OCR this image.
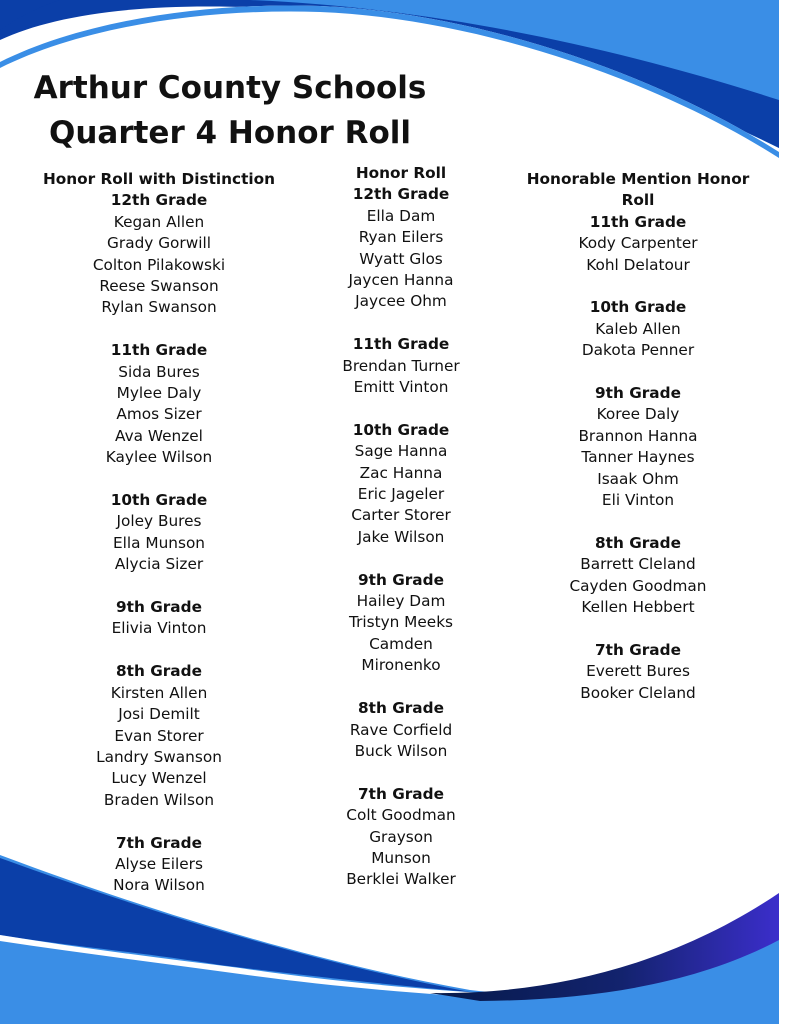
Arthur County Schools
Quarter 4 Honor Roll
Honor Roll with Distinction
12th Grade
Kegan Allen
Grady Gorwill
Colton Pilakowski
Reese Swanson
Rylan Swanson
11th Grade
Sida Bures
Mylee Daly
Amos Sizer
Ava Wenzel
Kaylee Wilson
10th Grade
Joley Bures
Ella Munson
Alycia Sizer
9th Grade
Elivia Vinton
8th Grade
Kirsten Allen
Josi Demilt
Evan Storer
Landry Swanson
Lucy Wenzel
Braden Wilson
7th Grade
Alyse Eilers
Nora Wilson
Honor Roll
12th Grade
Ella Dam
Ryan Eilers
Wyatt Glos
Jaycen Hanna
Jaycee Ohm
11th Grade
Brendan Turner
Emitt Vinton
10th Grade
Sage Hanna
Zac Hanna
Eric Jageler
Carter Storer
Jake Wilson
9th Grade
Hailey Dam
Tristyn Meeks
Camden
Mironenko
8th Grade
Rave Corfield
Buck Wilson
7th Grade
Colt Goodman
Grayson
Munson
Berklei Walker
Honorable Mention Honor Roll
11th Grade
Kody Carpenter
Kohl Delatour
10th Grade
Kaleb Allen
Dakota Penner
9th Grade
Koree Daly
Brannon Hanna
Tanner Haynes
Isaak Ohm
Eli Vinton
8th Grade
Barrett Cleland
Cayden Goodman
Kellen Hebbert
7th Grade
Everett Bures
Booker Cleland
